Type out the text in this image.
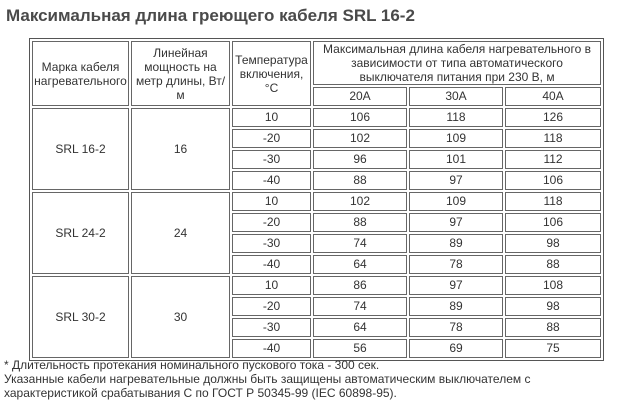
Максимальная длина греющего кабеля SRL 16-2
Марка кабеля нагревательного	Линейная мощность на метр длины, Вт/м	Температура включения, °С	Максимальная длина кабеля нагревательного в зависимости от типа автоматического выключателя питания при 230 В, м		
			20А	30А	40А
SRL 16-2	16	10	106	118	126
		-20	102	109	118
		-30	96	101	112
		-40	88	97	106
SRL 24-2	24	10	102	109	118
		-20	88	97	106
		-30	74	89	98
		-40	64	78	88
SRL 30-2	30	10	86	97	108
		-20	74	89	98
		-30	64	78	88
		-40	56	69	75

* Длительность протекания номинального пускового тока - 300 сек.

Указанные кабели нагревательные должны быть защищены автоматическим выключателем с характеристикой срабатывания С по ГОСТ Р 50345-99 (IEC 60898-95).
